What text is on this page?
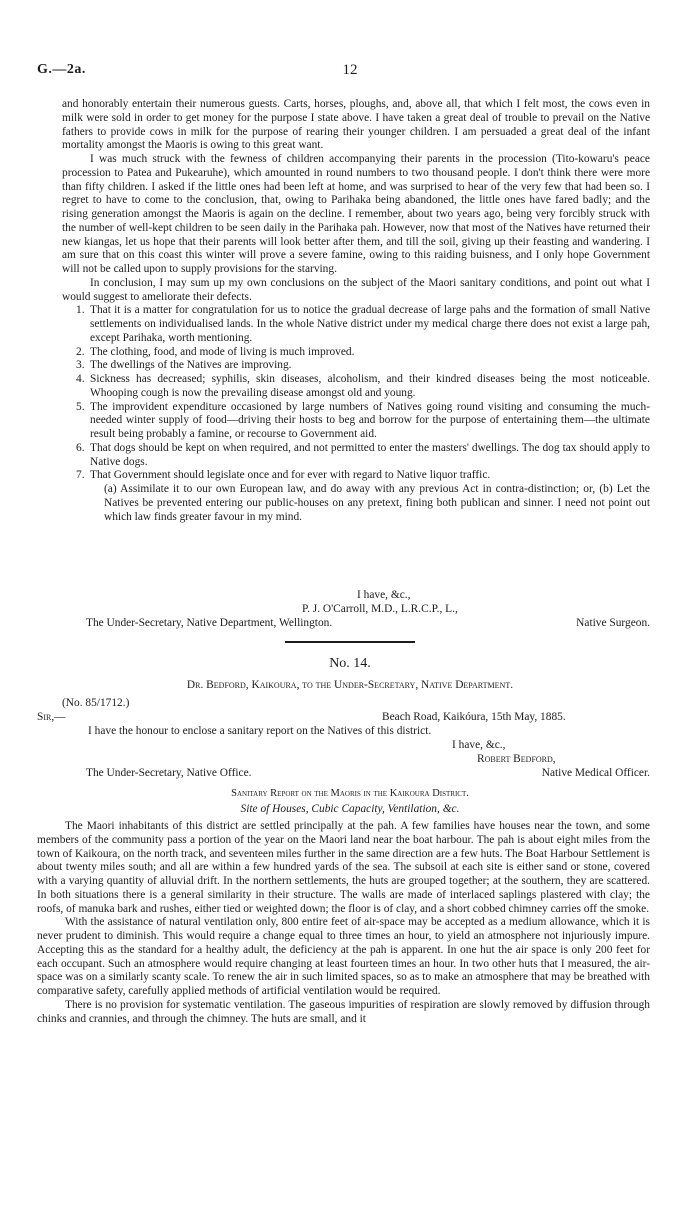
G.—2a.	12

and honorably entertain their numerous guests. Carts, horses, ploughs, and, above all, that which I felt most, the cows even in milk were sold in order to get money for the purpose I state above. I have taken a great deal of trouble to prevail on the Native fathers to provide cows in milk for the purpose of rearing their younger children. I am persuaded a great deal of the infant mortality amongst the Maoris is owing to this great want.

I was much struck with the fewness of children accompanying their parents in the procession (Tito-kowaru's peace procession to Patea and Pukearuhe), which amounted in round numbers to two thousand people. I don't think there were more than fifty children. I asked if the little ones had been left at home, and was surprised to hear of the very few that had been so. I regret to have to come to the conclusion, that, owing to Parihaka being abandoned, the little ones have fared badly; and the rising generation amongst the Maoris is again on the decline. I remember, about two years ago, being very forcibly struck with the number of well-kept children to be seen daily in the Parihaka pah. However, now that most of the Natives have returned their new kiangas, let us hope that their parents will look better after them, and till the soil, giving up their feasting and wandering. I am sure that on this coast this winter will prove a severe famine, owing to this raiding buisness, and I only hope Government will not be called upon to supply provisions for the starving.

In conclusion, I may sum up my own conclusions on the subject of the Maori sanitary conditions, and point out what I would suggest to ameliorate their defects.

1. That it is a matter for congratulation for us to notice the gradual decrease of large pahs and the formation of small Native settlements on individualised lands. In the whole Native district under my medical charge there does not exist a large pah, except Parihaka, worth mentioning.
2. The clothing, food, and mode of living is much improved.
3. The dwellings of the Natives are improving.
4. Sickness has decreased; syphilis, skin diseases, alcoholism, and their kindred diseases being the most noticeable. Whooping cough is now the prevailing disease amongst old and young.
5. The improvident expenditure occasioned by large numbers of Natives going round visiting and consuming the much-needed winter supply of food—driving their hosts to beg and borrow for the purpose of entertaining them—the ultimate result being probably a famine, or recourse to Government aid.
6. That dogs should be kept on when required, and not permitted to enter the masters' dwellings. The dog tax should apply to Native dogs.
7. That Government should legislate once and for ever with regard to Native liquor traffic.

(a) Assimilate it to our own European law, and do away with any previous Act in contra-distinction; or, (b) Let the Natives be prevented entering our public-houses on any pretext, fining both publican and sinner. I need not point out which law finds greater favour in my mind.

I have, &c.,
P. J. O'Carroll, M.D., L.R.C.P., L.,
The Under-Secretary, Native Department, Wellington.	Native Surgeon.
No. 14.
Dr. Bedford, Kaikoura, to the Under-Secretary, Native Department.
(No. 85/1712.)
Sir,—	Beach Road, Kaikóura, 15th May, 1885.
I have the honour to enclose a sanitary report on the Natives of this district.
I have, &c.,
Robert Bedford,
The Under-Secretary, Native Office.	Native Medical Officer.
Sanitary Report on the Maoris in the Kaikoura District.
Site of Houses, Cubic Capacity, Ventilation, &c.

The Maori inhabitants of this district are settled principally at the pah. A few families have houses near the town, and some members of the community pass a portion of the year on the Maori land near the boat harbour. The pah is about eight miles from the town of Kaikoura, on the north track, and seventeen miles further in the same direction are a few huts. The Boat Harbour Settlement is about twenty miles south; and all are within a few hundred yards of the sea. The subsoil at each site is either sand or stone, covered with a varying quantity of alluvial drift. In the northern settlements, the huts are grouped together; at the southern, they are scattered. In both situations there is a general similarity in their structure. The walls are made of interlaced saplings plastered with clay; the roofs, of manuka bark and rushes, either tied or weighted down; the floor is of clay, and a short cobbed chimney carries off the smoke.

With the assistance of natural ventilation only, 800 entire feet of air-space may be accepted as a medium allowance, which it is never prudent to diminish. This would require a change equal to three times an hour, to yield an atmosphere not injuriously impure. Accepting this as the standard for a healthy adult, the deficiency at the pah is apparent. In one hut the air space is only 200 feet for each occupant. Such an atmosphere would require changing at least fourteen times an hour. In two other huts that I measured, the air-space was on a similarly scanty scale. To renew the air in such limited spaces, so as to make an atmosphere that may be breathed with comparative safety, carefully applied methods of artificial ventilation would be required.

There is no provision for systematic ventilation. The gaseous impurities of respiration are slowly removed by diffusion through chinks and crannies, and through the chimney. The huts are small, and it
